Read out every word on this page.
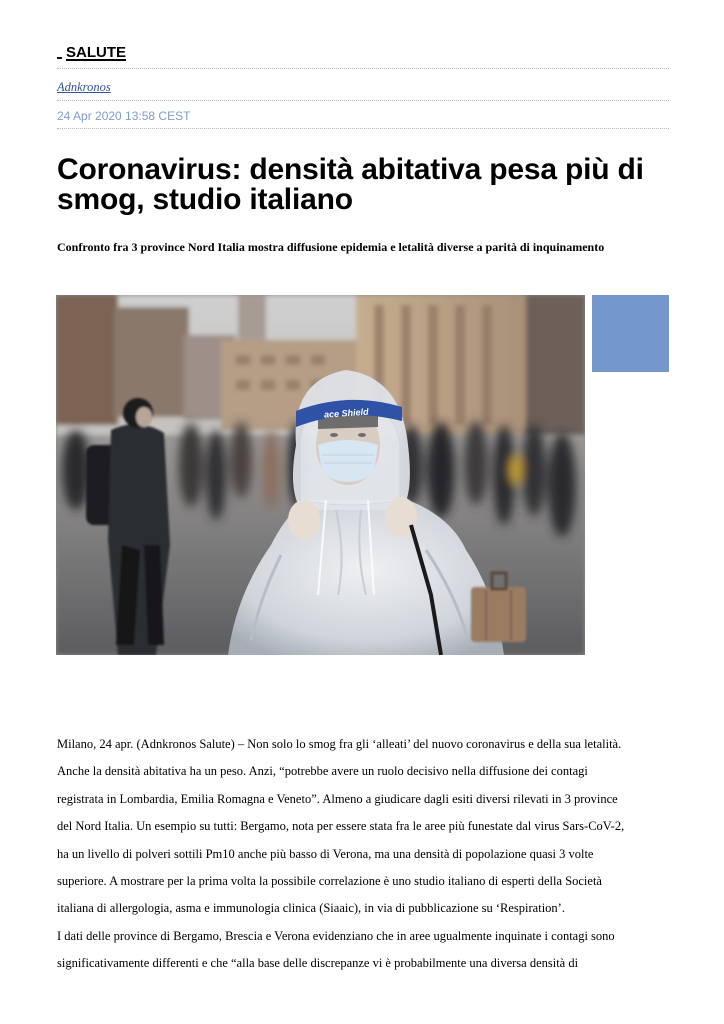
SALUTE
Adnkronos
24 Apr 2020 13:58 CEST
Coronavirus: densità abitativa pesa più di smog, studio italiano
Confronto fra 3 province Nord Italia mostra diffusione epidemia e letalità diverse a parità di inquinamento
ace Shield
Milano, 24 apr. (Adnkronos Salute) – Non solo lo smog fra gli ‘alleati’ del nuovo coronavirus e della sua letalità.
Anche la densità abitativa ha un peso. Anzi, “potrebbe avere un ruolo decisivo nella diffusione dei contagi
registrata in Lombardia, Emilia Romagna e Veneto”. Almeno a giudicare dagli esiti diversi rilevati in 3 province
del Nord Italia. Un esempio su tutti: Bergamo, nota per essere stata fra le aree più funestate dal virus Sars-CoV-2,
ha un livello di polveri sottili Pm10 anche più basso di Verona, ma una densità di popolazione quasi 3 volte
superiore. A mostrare per la prima volta la possibile correlazione è uno studio italiano di esperti della Società
italiana di allergologia, asma e immunologia clinica (Siaaic), in via di pubblicazione su ‘Respiration’.
I dati delle province di Bergamo, Brescia e Verona evidenziano che in aree ugualmente inquinate i contagi sono
significativamente differenti e che “alla base delle discrepanze vi è probabilmente una diversa densità di
